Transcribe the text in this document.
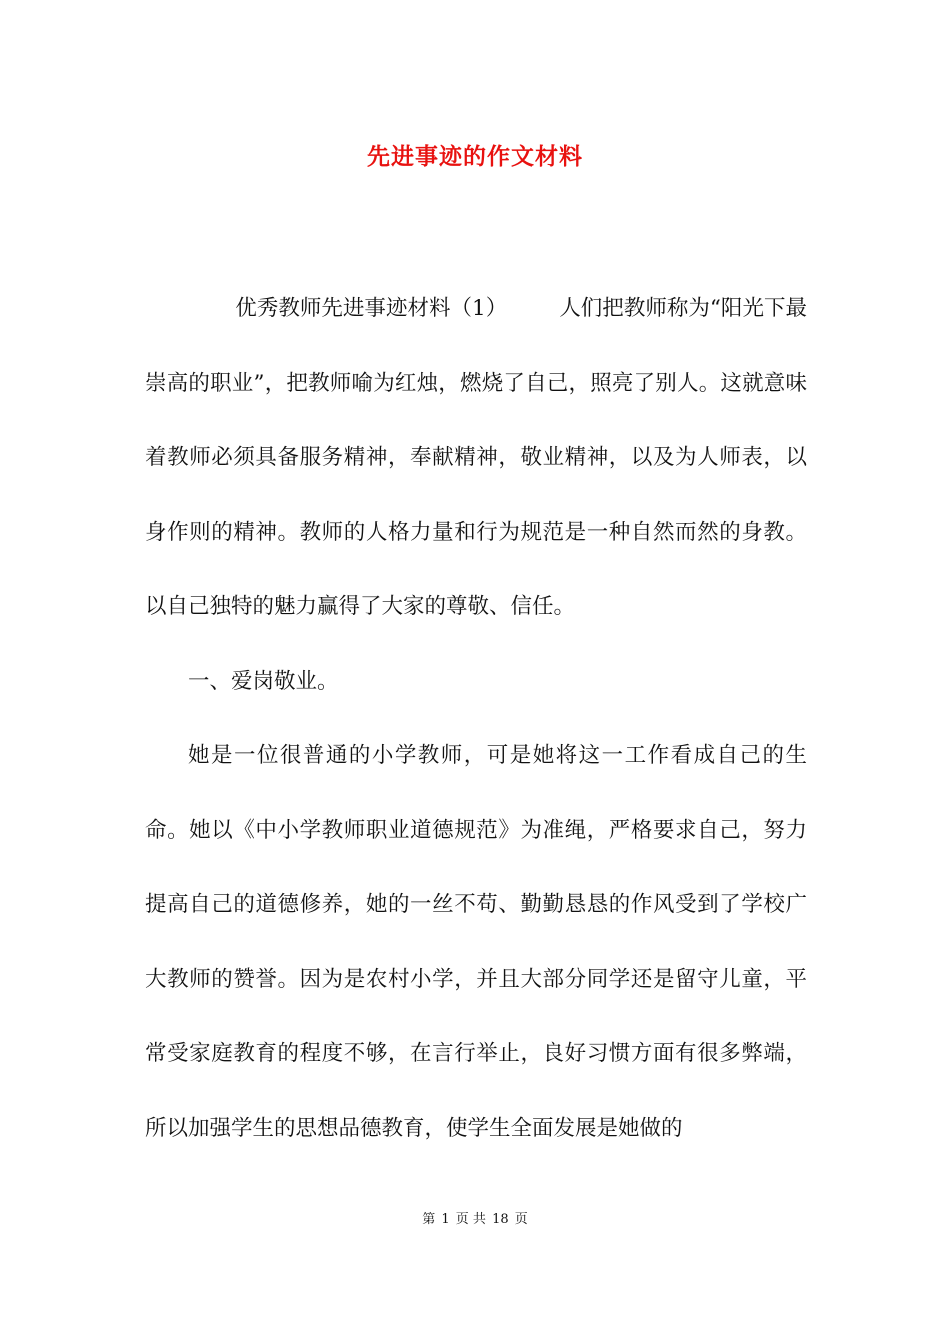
先进事迹的作文材料

优秀教师先进事迹材料（1） 人们把教师称为“阳光下最崇高的职业”，把教师喻为红烛，燃烧了自己，照亮了别人。这就意味着教师必须具备服务精神，奉献精神，敬业精神，以及为人师表，以身作则的精神。教师的人格力量和行为规范是一种自然而然的身教。以自己独特的魅力赢得了大家的尊敬、信任。

一、爱岗敬业。

她是一位很普通的小学教师，可是她将这一工作看成自己的生命。她以《中小学教师职业道德规范》为准绳，严格要求自己，努力提高自己的道德修养，她的一丝不苟、勤勤恳恳的作风受到了学校广大教师的赞誉。因为是农村小学，并且大部分同学还是留守儿童，平常受家庭教育的程度不够，在言行举止，良好习惯方面有很多弊端，所以加强学生的思想品德教育，使学生全面发展是她做的

第 1 页 共 18 页
